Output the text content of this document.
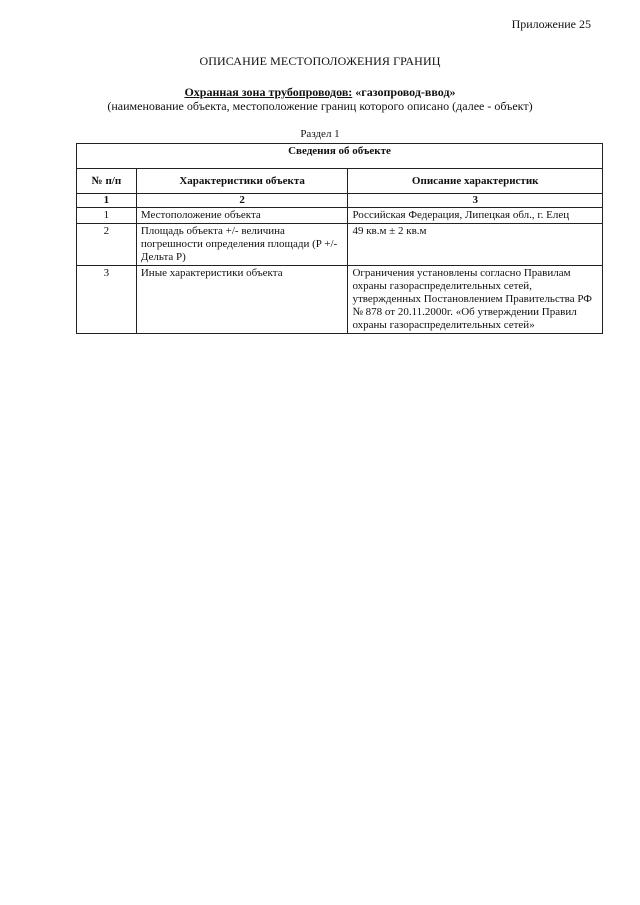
Приложение 25
ОПИСАНИЕ МЕСТОПОЛОЖЕНИЯ ГРАНИЦ
Охранная зона трубопроводов: «газопровод-ввод»
(наименование объекта, местоположение границ которого описано (далее - объект)
Раздел 1
Сведения об объекте		
№ п/п	Характеристики объекта	Описание характеристик
1	2	3
1	Местоположение объекта	Российская Федерация, Липецкая обл., г. Елец
2	Площадь объекта +/- величина погрешности определения площади (P +/- Дельта P)	49 кв.м ± 2 кв.м
3	Иные характеристики объекта	Ограничения установлены согласно Правилам охраны газораспределительных сетей, утвержденных Постановлением Правительства РФ № 878 от 20.11.2000г. «Об утверждении Правил охраны газораспределительных сетей»
